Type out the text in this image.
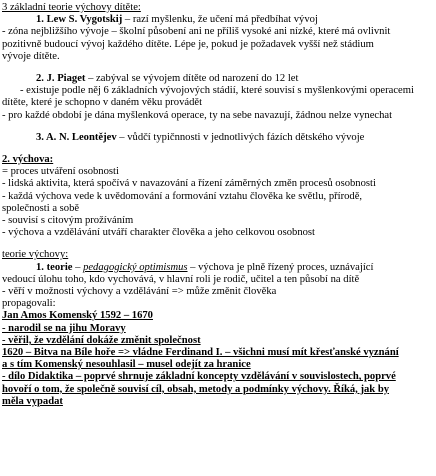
3 základní teorie výchovy dítěte:
1. Lew S. Vygotskij – razí myšlenku, že učení má předbíhat vývoj
- zóna nejbližšího vývoje – školní působení ani ne příliš vysoké ani nízké, které má ovlivnit
pozitivně budoucí vývoj každého dítěte. Lépe je, pokud je požadavek vyšší než stádium
vývoje dítěte.
2. J. Piaget – zabýval se vývojem dítěte od narození do 12 let
- existuje podle něj 6 základních vývojových stádií, které souvisí s myšlenkovými operacemi
dítěte, které je schopno v daném věku provádět
- pro každé období je dána myšlenková operace, ty na sebe navazují, žádnou nelze vynechat
3. A. N. Leontějev – vůdčí typičnnosti v jednotlivých fázích dětského vývoje
2. výchova:
= proces utváření osobnosti
- lidská aktivita, která spočívá v navazování a řízení záměrných změn procesů osobnosti
- každá výchova vede k uvědomování a formování vztahu člověka ke světlu, přírodě,
společnosti a sobě
- souvisí s citovým prožíváním
- výchova a vzdělávání utváří charakter člověka a jeho celkovou osobnost
teorie výchovy:
1. teorie – pedagogický optimismus – výchova je plně řízený proces, uznávající
vedoucí úlohu toho, kdo vychovává, v hlavní roli je rodič, učitel a ten působí na dítě
- věří v možnosti výchovy a vzdělávání => může změnit člověka
propagovali:
Jan Amos Komenský 1592 – 1670
- narodil se na jihu Moravy
- věřil, že vzdělání dokáže změnit společnost
1620 – Bitva na Bíle hoře => vládne Ferdinand I. – všichni musí mít křesťanské vyznání
a s tím Komenský nesouhlasil – musel odejít za hranice
- dílo Didaktika – poprvé shrnuje základní koncepty vzdělávání v souvislostech, poprvé
hovoří o tom, že společně souvisí cíl, obsah, metody a podmínky výchovy. Říká, jak by
měla vypadat
